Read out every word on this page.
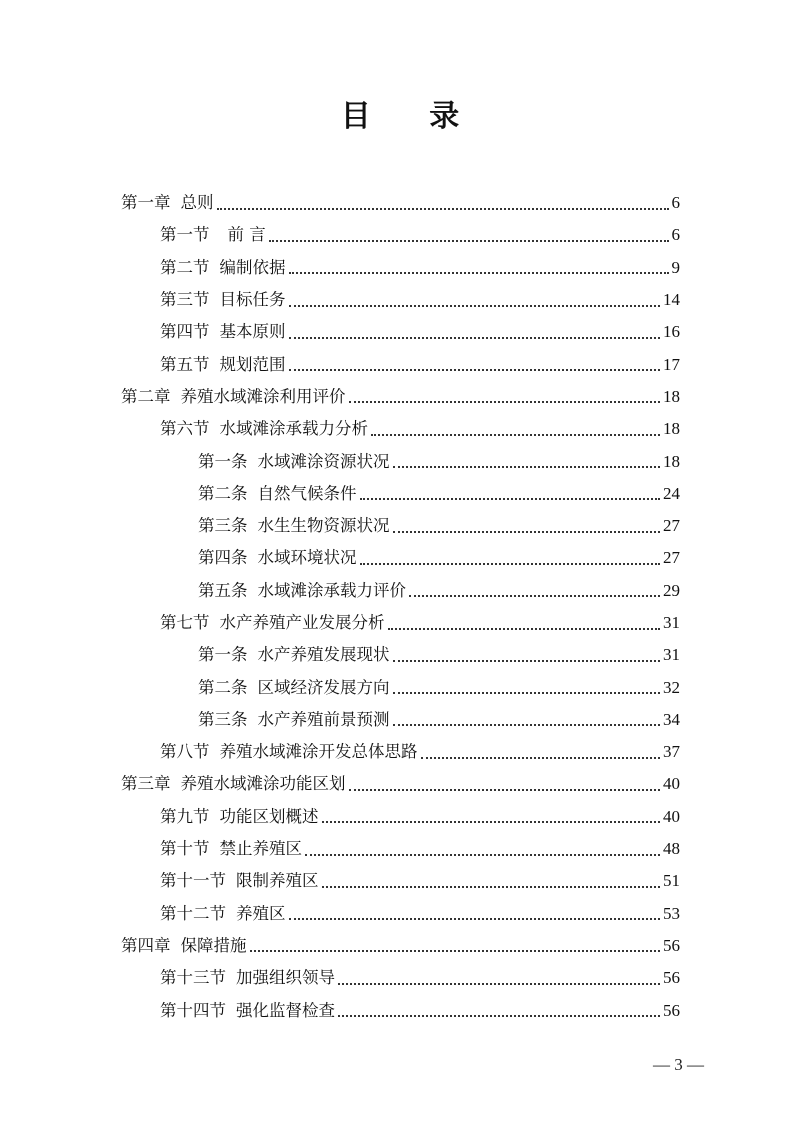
目 录
第一章 总则	6
第一节 前 言	6
第二节 编制依据	9
第三节 目标任务	14
第四节 基本原则	16
第五节 规划范围	17
第二章 养殖水域滩涂利用评价	18
第六节 水域滩涂承载力分析	18
第一条 水域滩涂资源状况	18
第二条 自然气候条件	24
第三条 水生生物资源状况	27
第四条 水域环境状况	27
第五条 水域滩涂承载力评价	29
第七节 水产养殖产业发展分析	31
第一条 水产养殖发展现状	31
第二条 区域经济发展方向	32
第三条 水产养殖前景预测	34
第八节 养殖水域滩涂开发总体思路	37
第三章 养殖水域滩涂功能区划	40
第九节 功能区划概述	40
第十节 禁止养殖区	48
第十一节 限制养殖区	51
第十二节 养殖区	53
第四章 保障措施	56
第十三节 加强组织领导	56
第十四节 强化监督检查	56
— 3 —
